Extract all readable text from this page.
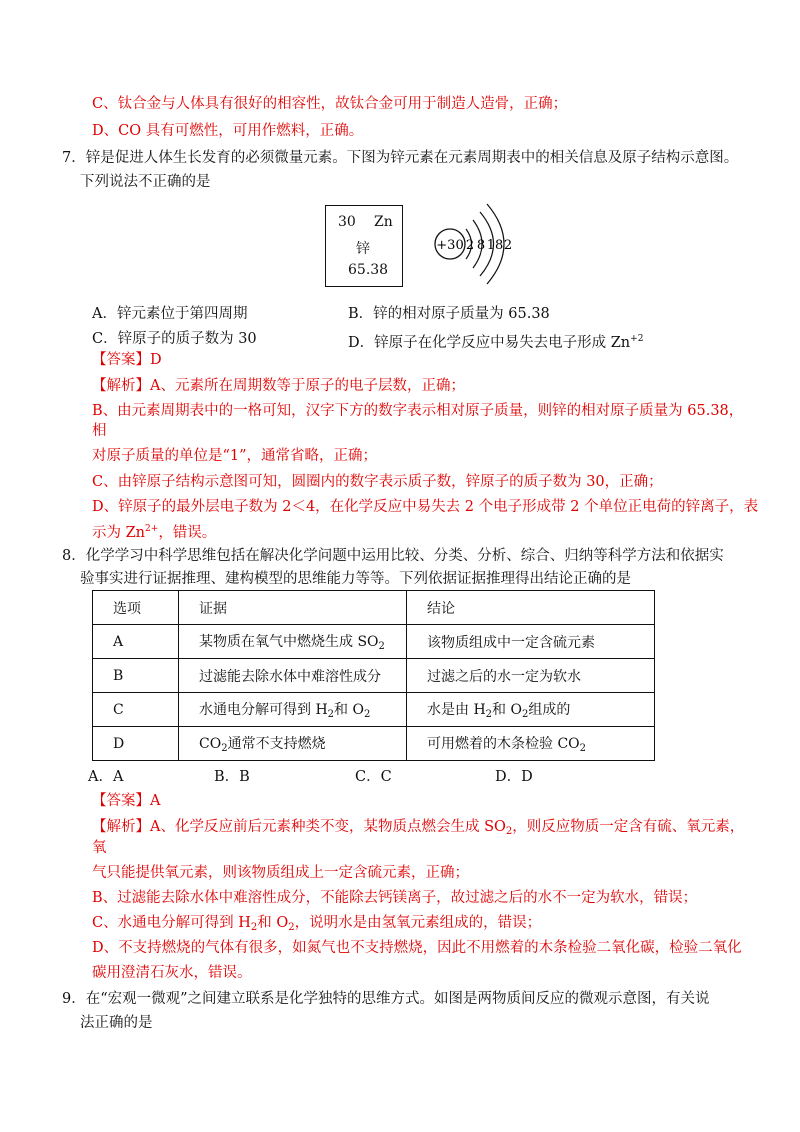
C、钛合金与人体具有很好的相容性，故钛合金可用于制造人造骨，正确；
D、CO 具有可燃性，可用作燃料，正确。
7．锌是促进人体生长发育的必须微量元素。下图为锌元素在元素周期表中的相关信息及原子结构示意图。
下列说法不正确的是
30 Zn
锌
65.38
+30 2 8 18 2
A．锌元素位于第四周期	B．锌的相对原子质量为 65.38
C．锌原子的质子数为 30	D．锌原子在化学反应中易失去电子形成 $Zn^{+2}$
【答案】D
【解析】A、元素所在周期数等于原子的电子层数，正确；
B、由元素周期表中的一格可知，汉字下方的数字表示相对原子质量，则锌的相对原子质量为 65.38，
相
对原子质量的单位是“1”，通常省略，正确；
C、由锌原子结构示意图可知，圆圈内的数字表示质子数，锌原子的质子数为 30，正确；
D、锌原子的最外层电子数为 2＜4，在化学反应中易失去 2 个电子形成带 2 个单位正电荷的锌离子，表
示为 $Zn^{2+}$，错误。
8．化学学习中科学思维包括在解决化学问题中运用比较、分类、分析、综合、归纳等科学方法和依据实
验事实进行证据推理、建构模型的思维能力等等。下列依据证据推理得出结论正确的是
选项	证据	结论
A	某物质在氧气中燃烧生成 $SO_2$	该物质组成中一定含硫元素
B	过滤能去除水体中难溶性成分	过滤之后的水一定为软水
C	水通电分解可得到 $H_2$和 $O_2$	水是由 $H_2$和 $O_2$组成的
D	$CO_2$通常不支持燃烧	可用燃着的木条检验 $CO_2$
A．A	B．B	C．C	D．D
【答案】A
【解析】A、化学反应前后元素种类不变，某物质点燃会生成 $SO_2$，则反应物质一定含有硫、氧元素，
氧
气只能提供氧元素，则该物质组成上一定含硫元素，正确；
B、过滤能去除水体中难溶性成分，不能除去钙镁离子，故过滤之后的水不一定为软水，错误；
C、水通电分解可得到 $H_2$和 $O_2$，说明水是由氢氧元素组成的，错误；
D、不支持燃烧的气体有很多，如氮气也不支持燃烧，因此不用燃着的木条检验二氧化碳，检验二氧化
碳用澄清石灰水，错误。
9．在“宏观一微观”之间建立联系是化学独特的思维方式。如图是两物质间反应的微观示意图，有关说
法正确的是
